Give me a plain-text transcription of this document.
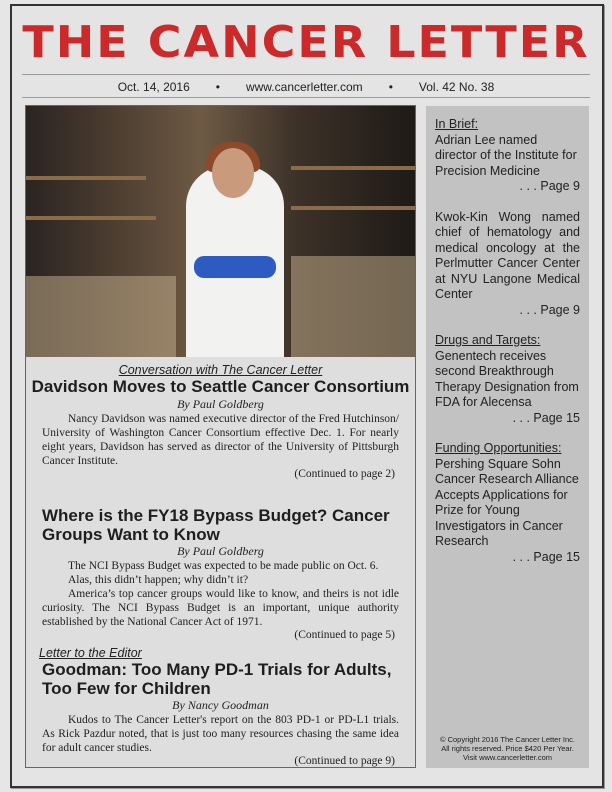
THE CANCER LETTER
Oct. 14, 2016 • www.cancerletter.com • Vol. 42 No. 38
Conversation with The Cancer Letter
Davidson Moves to Seattle Cancer Consortium
By Paul Goldberg

Nancy Davidson was named executive director of the Fred Hutchinson/ University of Washington Cancer Consortium effective Dec. 1. For nearly eight years, Davidson has served as director of the University of Pittsburgh Cancer Institute.

(Continued to page 2)
Where is the FY18 Bypass Budget? Cancer Groups Want to Know
By Paul Goldberg

The NCI Bypass Budget was expected to be made public on Oct. 6.

Alas, this didn’t happen; why didn’t it?

America’s top cancer groups would like to know, and theirs is not idle curiosity. The NCI Bypass Budget is an important, unique authority established by the National Cancer Act of 1971.

(Continued to page 5)
Letter to the Editor
Goodman: Too Many PD-1 Trials for Adults, Too Few for Children
By Nancy Goodman

Kudos to The Cancer Letter's report on the 803 PD-1 or PD-L1 trials. As Rick Pazdur noted, that is just too many resources chasing the same idea for adult cancer studies.

(Continued to page 9)
In Brief:
Adrian Lee named director of the Institute for Precision Medicine
. . . Page 9
Kwok-Kin Wong named chief of hematology and medical oncology at the Perlmutter Cancer Center at NYU Langone Medical Center
. . . Page 9
Drugs and Targets:
Genentech receives second Breakthrough Therapy Designation from FDA for Alecensa
. . . Page 15
Funding Opportunities:
Pershing Square Sohn Cancer Research Alliance Accepts Applications for Prize for Young Investigators in Cancer Research
. . . Page 15
© Copyright 2016 The Cancer Letter Inc.
All rights reserved. Price $420 Per Year.
Visit www.cancerletter.com
